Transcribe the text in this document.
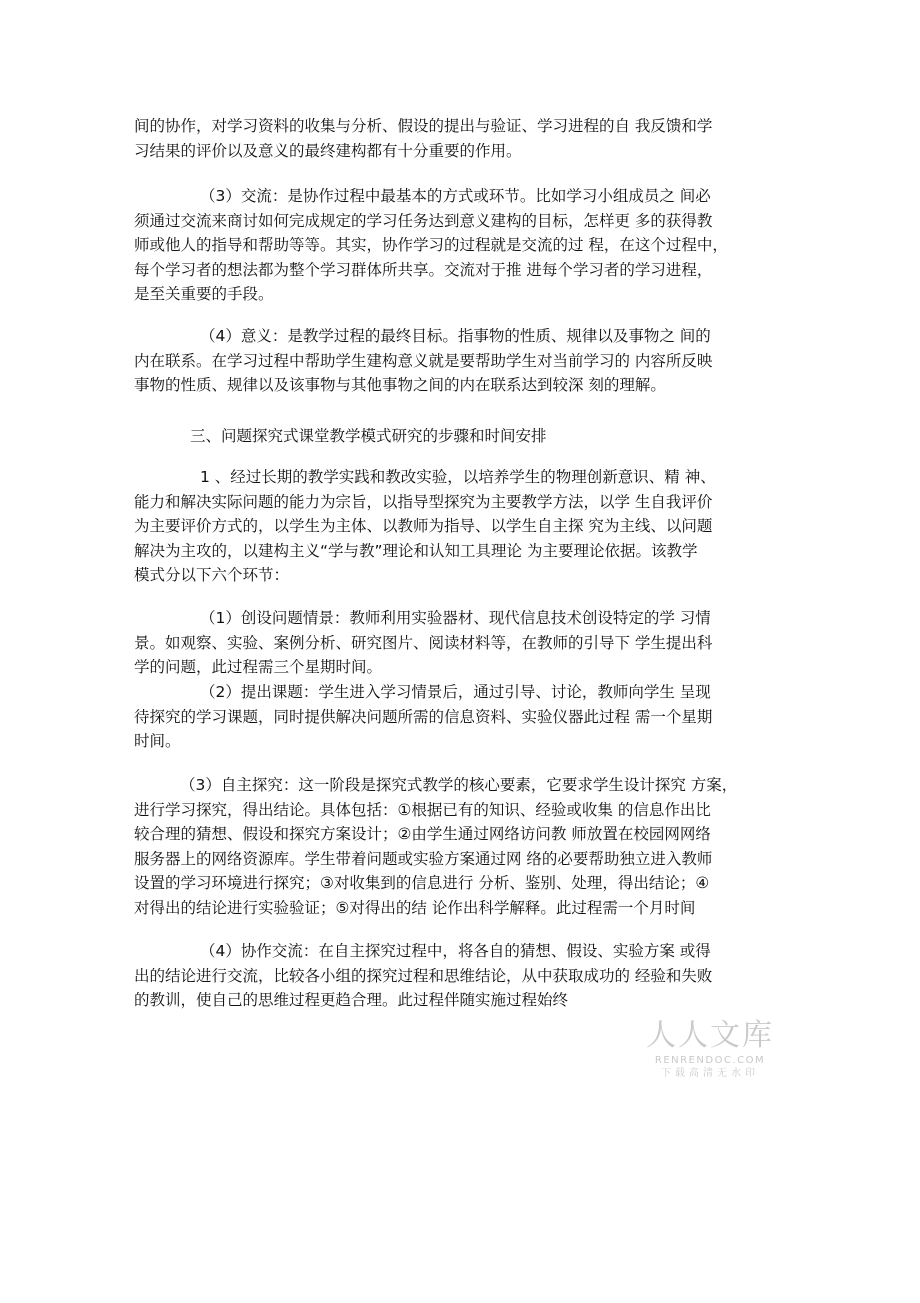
间的协作，对学习资料的收集与分析、假设的提出与验证、学习进程的自 我反馈和学
习结果的评价以及意义的最终建构都有十分重要的作用。
（3）交流：是协作过程中最基本的方式或环节。比如学习小组成员之 间必
须通过交流来商讨如何完成规定的学习任务达到意义建构的目标，怎样更 多的获得教
师或他人的指导和帮助等等。其实，协作学习的过程就是交流的过 程，在这个过程中，
每个学习者的想法都为整个学习群体所共享。交流对于推 进每个学习者的学习进程，
是至关重要的手段。
（4）意义：是教学过程的最终目标。指事物的性质、规律以及事物之 间的
内在联系。在学习过程中帮助学生建构意义就是要帮助学生对当前学习的 内容所反映
事物的性质、规律以及该事物与其他事物之间的内在联系达到较深 刻的理解。
三、问题探究式课堂教学模式研究的步骤和时间安排
1 、经过长期的教学实践和教改实验，以培养学生的物理创新意识、精 神、
能力和解决实际问题的能力为宗旨，以指导型探究为主要教学方法，以学 生自我评价
为主要评价方式的，以学生为主体、以教师为指导、以学生自主探 究为主线、以问题
解决为主攻的，以建构主义“学与教”理论和认知工具理论 为主要理论依据。该教学
模式分以下六个环节：
（1）创设问题情景：教师利用实验器材、现代信息技术创设特定的学 习情
景。如观察、实验、案例分析、研究图片、阅读材料等，在教师的引导下 学生提出科
学的问题，此过程需三个星期时间。
（2）提出课题：学生进入学习情景后，通过引导、讨论，教师向学生 呈现
待探究的学习课题，同时提供解决问题所需的信息资料、实验仪器此过程 需一个星期
时间。
（3）自主探究：这一阶段是探究式教学的核心要素，它要求学生设计探究 方案，
进行学习探究，得出结论。具体包括：①根据已有的知识、经验或收集 的信息作出比
较合理的猜想、假设和探究方案设计；②由学生通过网络访问教 师放置在校园网网络
服务器上的网络资源库。学生带着问题或实验方案通过网 络的必要帮助独立进入教师
设置的学习环境进行探究；③对收集到的信息进行 分析、鉴别、处理，得出结论；④
对得出的结论进行实验验证；⑤对得出的结 论作出科学解释。此过程需一个月时间
（4）协作交流：在自主探究过程中，将各自的猜想、假设、实验方案 或得
出的结论进行交流，比较各小组的探究过程和思维结论，从中获取成功的 经验和失败
的教训，使自己的思维过程更趋合理。此过程伴随实施过程始终
人人文库
RENRENDOC.COM
下载高清无水印
